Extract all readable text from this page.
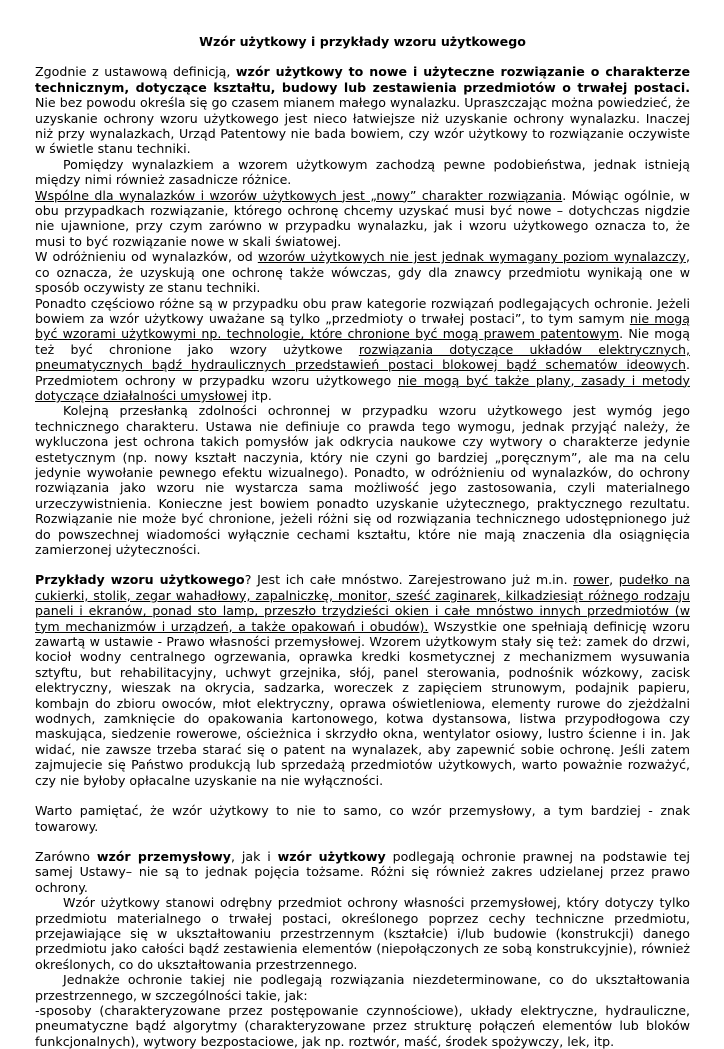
Wzór użytkowy i przykłady wzoru użytkowego

Zgodnie z ustawową definicją, wzór użytkowy to nowe i użyteczne rozwiązanie o charakterze technicznym, dotyczące kształtu, budowy lub zestawienia przedmiotów o trwałej postaci. Nie bez powodu określa się go czasem mianem małego wynalazku. Upraszczając można powiedzieć, że uzyskanie ochrony wzoru użytkowego jest nieco łatwiejsze niż uzyskanie ochrony wynalazku. Inaczej niż przy wynalazkach, Urząd Patentowy nie bada bowiem, czy wzór użytkowy to rozwiązanie oczywiste w świetle stanu techniki.

Pomiędzy wynalazkiem a wzorem użytkowym zachodzą pewne podobieństwa, jednak istnieją między nimi również zasadnicze różnice.

Wspólne dla wynalazków i wzorów użytkowych jest „nowy” charakter rozwiązania. Mówiąc ogólnie, w obu przypadkach rozwiązanie, którego ochronę chcemy uzyskać musi być nowe – dotychczas nigdzie nie ujawnione, przy czym zarówno w przypadku wynalazku, jak i wzoru użytkowego oznacza to, że musi to być rozwiązanie nowe w skali światowej.

W odróżnieniu od wynalazków, od wzorów użytkowych nie jest jednak wymagany poziom wynalazczy, co oznacza, że uzyskują one ochronę także wówczas, gdy dla znawcy przedmiotu wynikają one w sposób oczywisty ze stanu techniki.

Ponadto częściowo różne są w przypadku obu praw kategorie rozwiązań podlegających ochronie. Jeżeli bowiem za wzór użytkowy uważane są tylko „przedmioty o trwałej postaci”, to tym samym nie mogą być wzorami użytkowymi np. technologie, które chronione być mogą prawem patentowym. Nie mogą też być chronione jako wzory użytkowe rozwiązania dotyczące układów elektrycznych, pneumatycznych bądź hydraulicznych przedstawień postaci blokowej bądź schematów ideowych. Przedmiotem ochrony w przypadku wzoru użytkowego nie mogą być także plany, zasady i metody dotyczące działalności umysłowej itp.

Kolejną przesłanką zdolności ochronnej w przypadku wzoru użytkowego jest wymóg jego technicznego charakteru. Ustawa nie definiuje co prawda tego wymogu, jednak przyjąć należy, że wykluczona jest ochrona takich pomysłów jak odkrycia naukowe czy wytwory o charakterze jedynie estetycznym (np. nowy kształt naczynia, który nie czyni go bardziej „poręcznym”, ale ma na celu jedynie wywołanie pewnego efektu wizualnego). Ponadto, w odróżnieniu od wynalazków, do ochrony rozwiązania jako wzoru nie wystarcza sama możliwość jego zastosowania, czyli materialnego urzeczywistnienia. Konieczne jest bowiem ponadto uzyskanie użytecznego, praktycznego rezultatu. Rozwiązanie nie może być chronione, jeżeli różni się od rozwiązania technicznego udostępnionego już do powszechnej wiadomości wyłącznie cechami kształtu, które nie mają znaczenia dla osiągnięcia zamierzonej użyteczności.

Przykłady wzoru użytkowego? Jest ich całe mnóstwo. Zarejestrowano już m.in. rower, pudełko na cukierki, stolik, zegar wahadłowy, zapalniczkę, monitor, sześć zaginarek, kilkadziesiąt różnego rodzaju paneli i ekranów, ponad sto lamp, przeszło trzydzieści okien i całe mnóstwo innych przedmiotów (w tym mechanizmów i urządzeń, a także opakowań i obudów). Wszystkie one spełniają definicję wzoru zawartą w ustawie - Prawo własności przemysłowej. Wzorem użytkowym stały się też: zamek do drzwi, kocioł wodny centralnego ogrzewania, oprawka kredki kosmetycznej z mechanizmem wysuwania sztyftu, but rehabilitacyjny, uchwyt grzejnika, słój, panel sterowania, podnośnik wózkowy, zacisk elektryczny, wieszak na okrycia, sadzarka, woreczek z zapięciem strunowym, podajnik papieru, kombajn do zbioru owoców, młot elektryczny, oprawa oświetleniowa, elementy rurowe do zjeżdżalni wodnych, zamknięcie do opakowania kartonowego, kotwa dystansowa, listwa przypodłogowa czy maskująca, siedzenie rowerowe, ościeżnica i skrzydło okna, wentylator osiowy, lustro ścienne i in. Jak widać, nie zawsze trzeba starać się o patent na wynalazek, aby zapewnić sobie ochronę. Jeśli zatem zajmujecie się Państwo produkcją lub sprzedażą przedmiotów użytkowych, warto poważnie rozważyć, czy nie byłoby opłacalne uzyskanie na nie wyłączności.

Warto pamiętać, że wzór użytkowy to nie to samo, co wzór przemysłowy, a tym bardziej - znak towarowy.

Zarówno wzór przemysłowy, jak i wzór użytkowy podlegają ochronie prawnej na podstawie tej samej Ustawy– nie są to jednak pojęcia tożsame. Różni się również zakres udzielanej przez prawo ochrony.

Wzór użytkowy stanowi odrębny przedmiot ochrony własności przemysłowej, który dotyczy tylko przedmiotu materialnego o trwałej postaci, określonego poprzez cechy techniczne przedmiotu, przejawiające się w ukształtowaniu przestrzennym (kształcie) i/lub budowie (konstrukcji) danego przedmiotu jako całości bądź zestawienia elementów (niepołączonych ze sobą konstrukcyjnie), również określonych, co do ukształtowania przestrzennego.

Jednakże ochronie takiej nie podlegają rozwiązania niezdeterminowane, co do ukształtowania przestrzennego, w szczególności takie, jak:

-sposoby (charakteryzowane przez postępowanie czynnościowe), układy elektryczne, hydrauliczne, pneumatyczne bądź algorytmy (charakteryzowane przez strukturę połączeń elementów lub bloków funkcjonalnych), wytwory bezpostaciowe, jak np. roztwór, maść, środek spożywczy, lek, itp.
